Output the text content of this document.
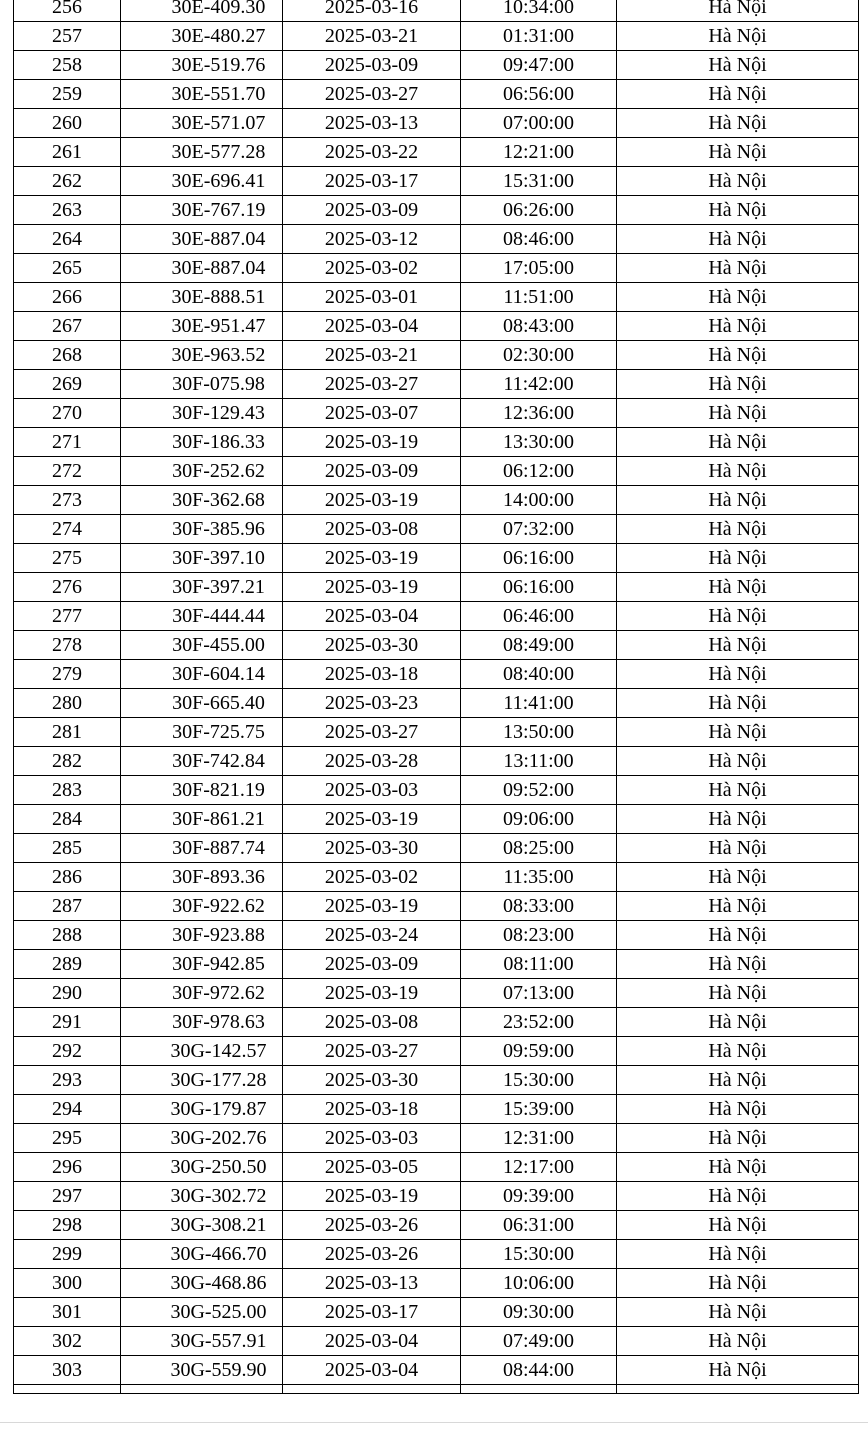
256	30E-409.30	2025-03-16	10:34:00	Hà Nội
257	30E-480.27	2025-03-21	01:31:00	Hà Nội
258	30E-519.76	2025-03-09	09:47:00	Hà Nội
259	30E-551.70	2025-03-27	06:56:00	Hà Nội
260	30E-571.07	2025-03-13	07:00:00	Hà Nội
261	30E-577.28	2025-03-22	12:21:00	Hà Nội
262	30E-696.41	2025-03-17	15:31:00	Hà Nội
263	30E-767.19	2025-03-09	06:26:00	Hà Nội
264	30E-887.04	2025-03-12	08:46:00	Hà Nội
265	30E-887.04	2025-03-02	17:05:00	Hà Nội
266	30E-888.51	2025-03-01	11:51:00	Hà Nội
267	30E-951.47	2025-03-04	08:43:00	Hà Nội
268	30E-963.52	2025-03-21	02:30:00	Hà Nội
269	30F-075.98	2025-03-27	11:42:00	Hà Nội
270	30F-129.43	2025-03-07	12:36:00	Hà Nội
271	30F-186.33	2025-03-19	13:30:00	Hà Nội
272	30F-252.62	2025-03-09	06:12:00	Hà Nội
273	30F-362.68	2025-03-19	14:00:00	Hà Nội
274	30F-385.96	2025-03-08	07:32:00	Hà Nội
275	30F-397.10	2025-03-19	06:16:00	Hà Nội
276	30F-397.21	2025-03-19	06:16:00	Hà Nội
277	30F-444.44	2025-03-04	06:46:00	Hà Nội
278	30F-455.00	2025-03-30	08:49:00	Hà Nội
279	30F-604.14	2025-03-18	08:40:00	Hà Nội
280	30F-665.40	2025-03-23	11:41:00	Hà Nội
281	30F-725.75	2025-03-27	13:50:00	Hà Nội
282	30F-742.84	2025-03-28	13:11:00	Hà Nội
283	30F-821.19	2025-03-03	09:52:00	Hà Nội
284	30F-861.21	2025-03-19	09:06:00	Hà Nội
285	30F-887.74	2025-03-30	08:25:00	Hà Nội
286	30F-893.36	2025-03-02	11:35:00	Hà Nội
287	30F-922.62	2025-03-19	08:33:00	Hà Nội
288	30F-923.88	2025-03-24	08:23:00	Hà Nội
289	30F-942.85	2025-03-09	08:11:00	Hà Nội
290	30F-972.62	2025-03-19	07:13:00	Hà Nội
291	30F-978.63	2025-03-08	23:52:00	Hà Nội
292	30G-142.57	2025-03-27	09:59:00	Hà Nội
293	30G-177.28	2025-03-30	15:30:00	Hà Nội
294	30G-179.87	2025-03-18	15:39:00	Hà Nội
295	30G-202.76	2025-03-03	12:31:00	Hà Nội
296	30G-250.50	2025-03-05	12:17:00	Hà Nội
297	30G-302.72	2025-03-19	09:39:00	Hà Nội
298	30G-308.21	2025-03-26	06:31:00	Hà Nội
299	30G-466.70	2025-03-26	15:30:00	Hà Nội
300	30G-468.86	2025-03-13	10:06:00	Hà Nội
301	30G-525.00	2025-03-17	09:30:00	Hà Nội
302	30G-557.91	2025-03-04	07:49:00	Hà Nội
303	30G-559.90	2025-03-04	08:44:00	Hà Nội
